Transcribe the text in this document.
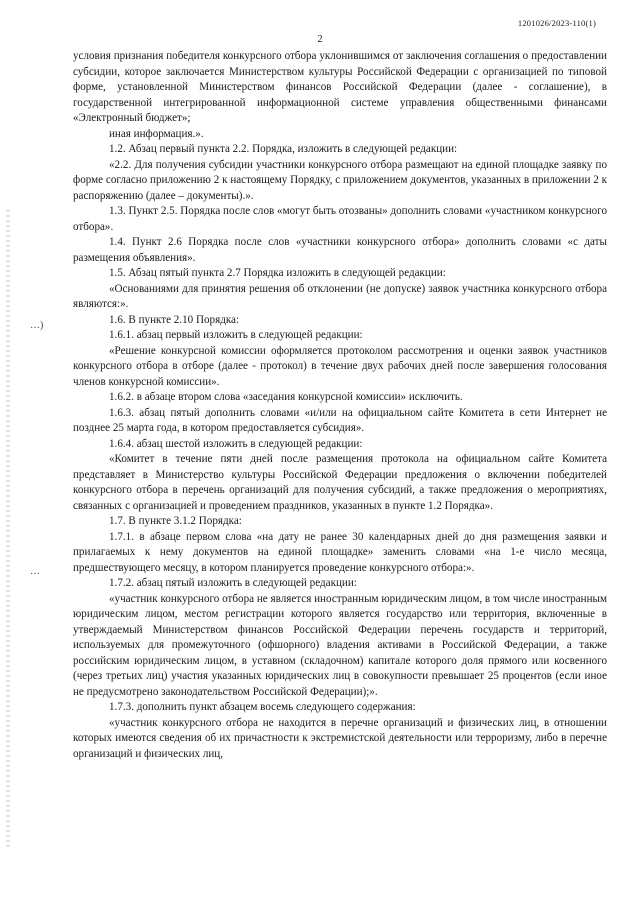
1201026/2023-110(1)
2
…)
…

условия признания победителя конкурсного отбора уклонившимся от заключения соглашения о предоставлении субсидии, которое заключается Министерством культуры Российской Федерации с организацией по типовой форме, установленной Министерством финансов Российской Федерации (далее - соглашение), в государственной интегрированной информационной системе управления общественными финансами «Электронный бюджет»;

иная информация.».

1.2. Абзац первый пункта 2.2. Порядка, изложить в следующей редакции:

«2.2. Для получения субсидии участники конкурсного отбора размещают на единой площадке заявку по форме согласно приложению 2 к настоящему Порядку, с приложением документов, указанных в приложении 2 к распоряжению (далее – документы).».

1.3. Пункт 2.5. Порядка после слов «могут быть отозваны» дополнить словами «участником конкурсного отбора».

1.4. Пункт 2.6 Порядка после слов «участники конкурсного отбора» дополнить словами «с даты размещения объявления».

1.5. Абзац пятый пункта 2.7 Порядка изложить в следующей редакции:

«Основаниями для принятия решения об отклонении (не допуске) заявок участника конкурсного отбора являются:».

1.6. В пункте 2.10 Порядка:

1.6.1. абзац первый изложить в следующей редакции:

«Решение конкурсной комиссии оформляется протоколом рассмотрения и оценки заявок участников конкурсного отбора в отборе (далее - протокол) в течение двух рабочих дней после завершения голосования членов конкурсной комиссии».

1.6.2. в абзаце втором слова «заседания конкурсной комиссии» исключить.

1.6.3. абзац пятый дополнить словами «и/или на официальном сайте Комитета в сети Интернет не позднее 25 марта года, в котором предоставляется субсидия».

1.6.4. абзац шестой изложить в следующей редакции:

«Комитет в течение пяти дней после размещения протокола на официальном сайте Комитета представляет в Министерство культуры Российской Федерации предложения о включении победителей конкурсного отбора в перечень организаций для получения субсидий, а также предложения о мероприятиях, связанных с организацией и проведением праздников, указанных в пункте 1.2 Порядка».

1.7. В пункте 3.1.2 Порядка:

1.7.1. в абзаце первом слова «на дату не ранее 30 календарных дней до дня размещения заявки и прилагаемых к нему документов на единой площадке» заменить словами «на 1-е число месяца, предшествующего месяцу, в котором планируется проведение конкурсного отбора:».

1.7.2. абзац пятый изложить в следующей редакции:

«участник конкурсного отбора не является иностранным юридическим лицом, в том числе иностранным юридическим лицом, местом регистрации которого является государство или территория, включенные в утверждаемый Министерством финансов Российской Федерации перечень государств и территорий, используемых для промежуточного (офшорного) владения активами в Российской Федерации, а также российским юридическим лицом, в уставном (складочном) капитале которого доля прямого или косвенного (через третьих лиц) участия указанных юридических лиц в совокупности превышает 25 процентов (если иное не предусмотрено законодательством Российской Федерации);».

1.7.3. дополнить пункт абзацем восемь следующего содержания:

«участник конкурсного отбора не находится в перечне организаций и физических лиц, в отношении которых имеются сведения об их причастности к экстремистской деятельности или терроризму, либо в перечне организаций и физических лиц,
